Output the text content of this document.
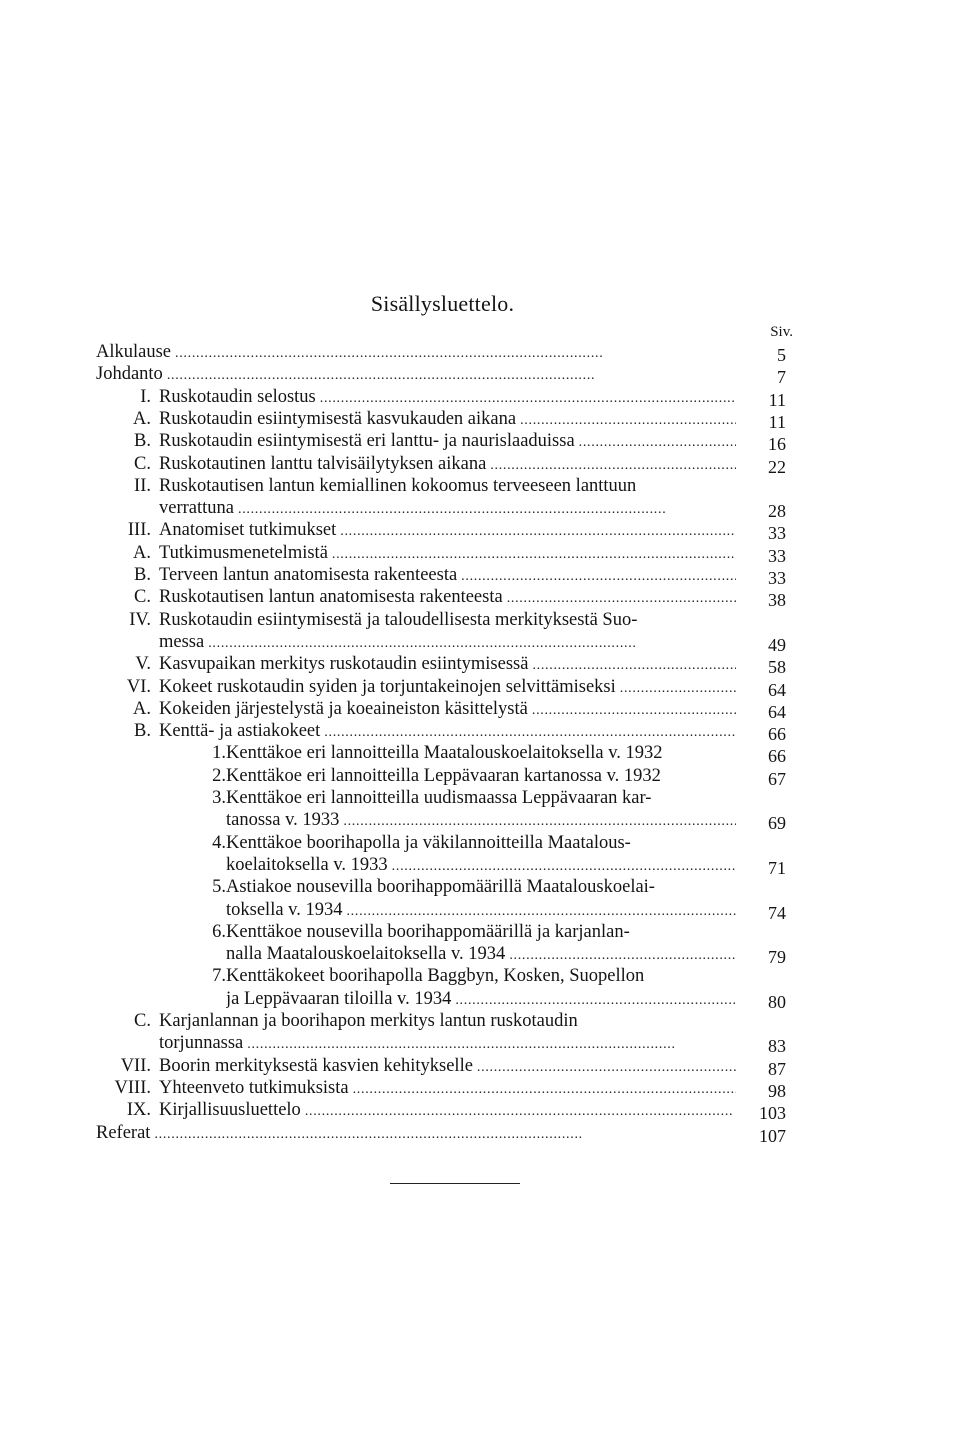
Sisällysluettelo.
Siv.
Alkulause . . .	5
Johdanto . . .	7
I. Ruskotaudin selostus . . .	11
A. Ruskotaudin esiintymisestä kasvukauden aikana . . .	11
B. Ruskotaudin esiintymisestä eri lanttu- ja naurislaaduissa . . .	16
C. Ruskotautinen lanttu talvisäilytyksen aikana . . .	22
II. Ruskotautisen lantun kemiallinen kokoomus terveeseen lanttuun
verrattuna . . .	28
III. Anatomiset tutkimukset . . .	33
A. Tutkimusmenetelmistä . . .	33
B. Terveen lantun anatomisesta rakenteesta . . .	33
C. Ruskotautisen lantun anatomisesta rakenteesta . . .	38
IV. Ruskotaudin esiintymisestä ja taloudellisesta merkityksestä Suo-
messa . . .	49
V. Kasvupaikan merkitys ruskotaudin esiintymisessä . . .	58
VI. Kokeet ruskotaudin syiden ja torjuntakeinojen selvittämiseksi . . .	64
A. Kokeiden järjestelystä ja koeaineiston käsittelystä . . .	64
B. Kenttä- ja astiakokeet . . .	66
1. Kenttäkoe eri lannoitteilla Maatalouskoelaitoksella v. 1932	66
2. Kenttäkoe eri lannoitteilla Leppävaaran kartanossa v. 1932	67
3. Kenttäkoe eri lannoitteilla uudismaassa Leppävaaran kar-
tanossa v. 1933 . . .	69
4. Kenttäkoe boorihapolla ja väkilannoitteilla Maatalous-
koelaitoksella v. 1933 . . .	71
5. Astiakoe nousevilla boorihappomäärillä Maatalouskoelai-
toksella v. 1934 . . .	74
6. Kenttäkoe nousevilla boorihappomäärillä ja karjanlan-
nalla Maatalouskoelaitoksella v. 1934 . . .	79
7. Kenttäkokeet boorihapolla Baggbyn, Kosken, Suopellon
ja Leppävaaran tiloilla v. 1934 . . .	80
C. Karjanlannan ja boorihapon merkitys lantun ruskotaudin
torjunnassa . . .	83
VII. Boorin merkityksestä kasvien kehitykselle . . .	87
VIII. Yhteenveto tutkimuksista . . .	98
IX. Kirjallisuusluettelo . . .	103
Referat . . .	107
